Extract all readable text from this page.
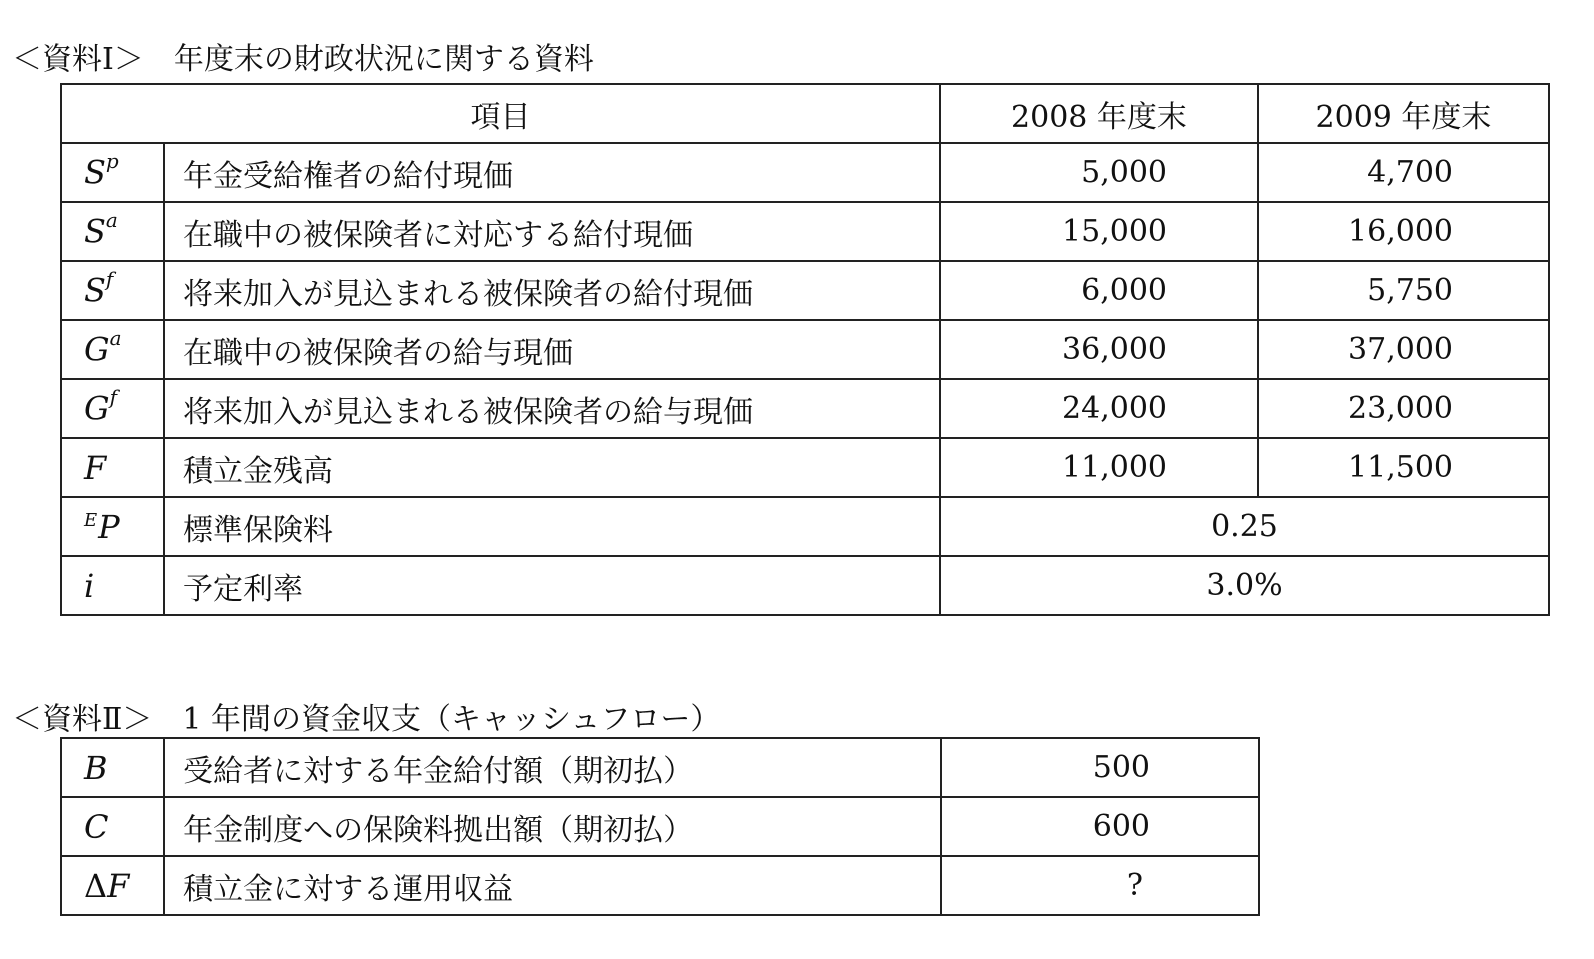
＜資料Ⅰ＞　年度末の財政状況に関する資料
項目		2008 年度末	2009 年度末
$S^p$	年金受給権者の給付現価	5,000	4,700
$S^a$	在職中の被保険者に対応する給付現価	15,000	16,000
$S^f$	将来加入が見込まれる被保険者の給付現価	6,000	5,750
$G^a$	在職中の被保険者の給与現価	36,000	37,000
$G^f$	将来加入が見込まれる被保険者の給与現価	24,000	23,000
F	積立金残高	11,000	11,500
$^E$P	標準保険料	0.25	
i	予定利率	3.0%	
＜資料Ⅱ＞　1 年間の資金収支（キャッシュフロー）
B	受給者に対する年金給付額（期初払）	500
C	年金制度への保険料拠出額（期初払）	600
ΔF	積立金に対する運用収益	?
